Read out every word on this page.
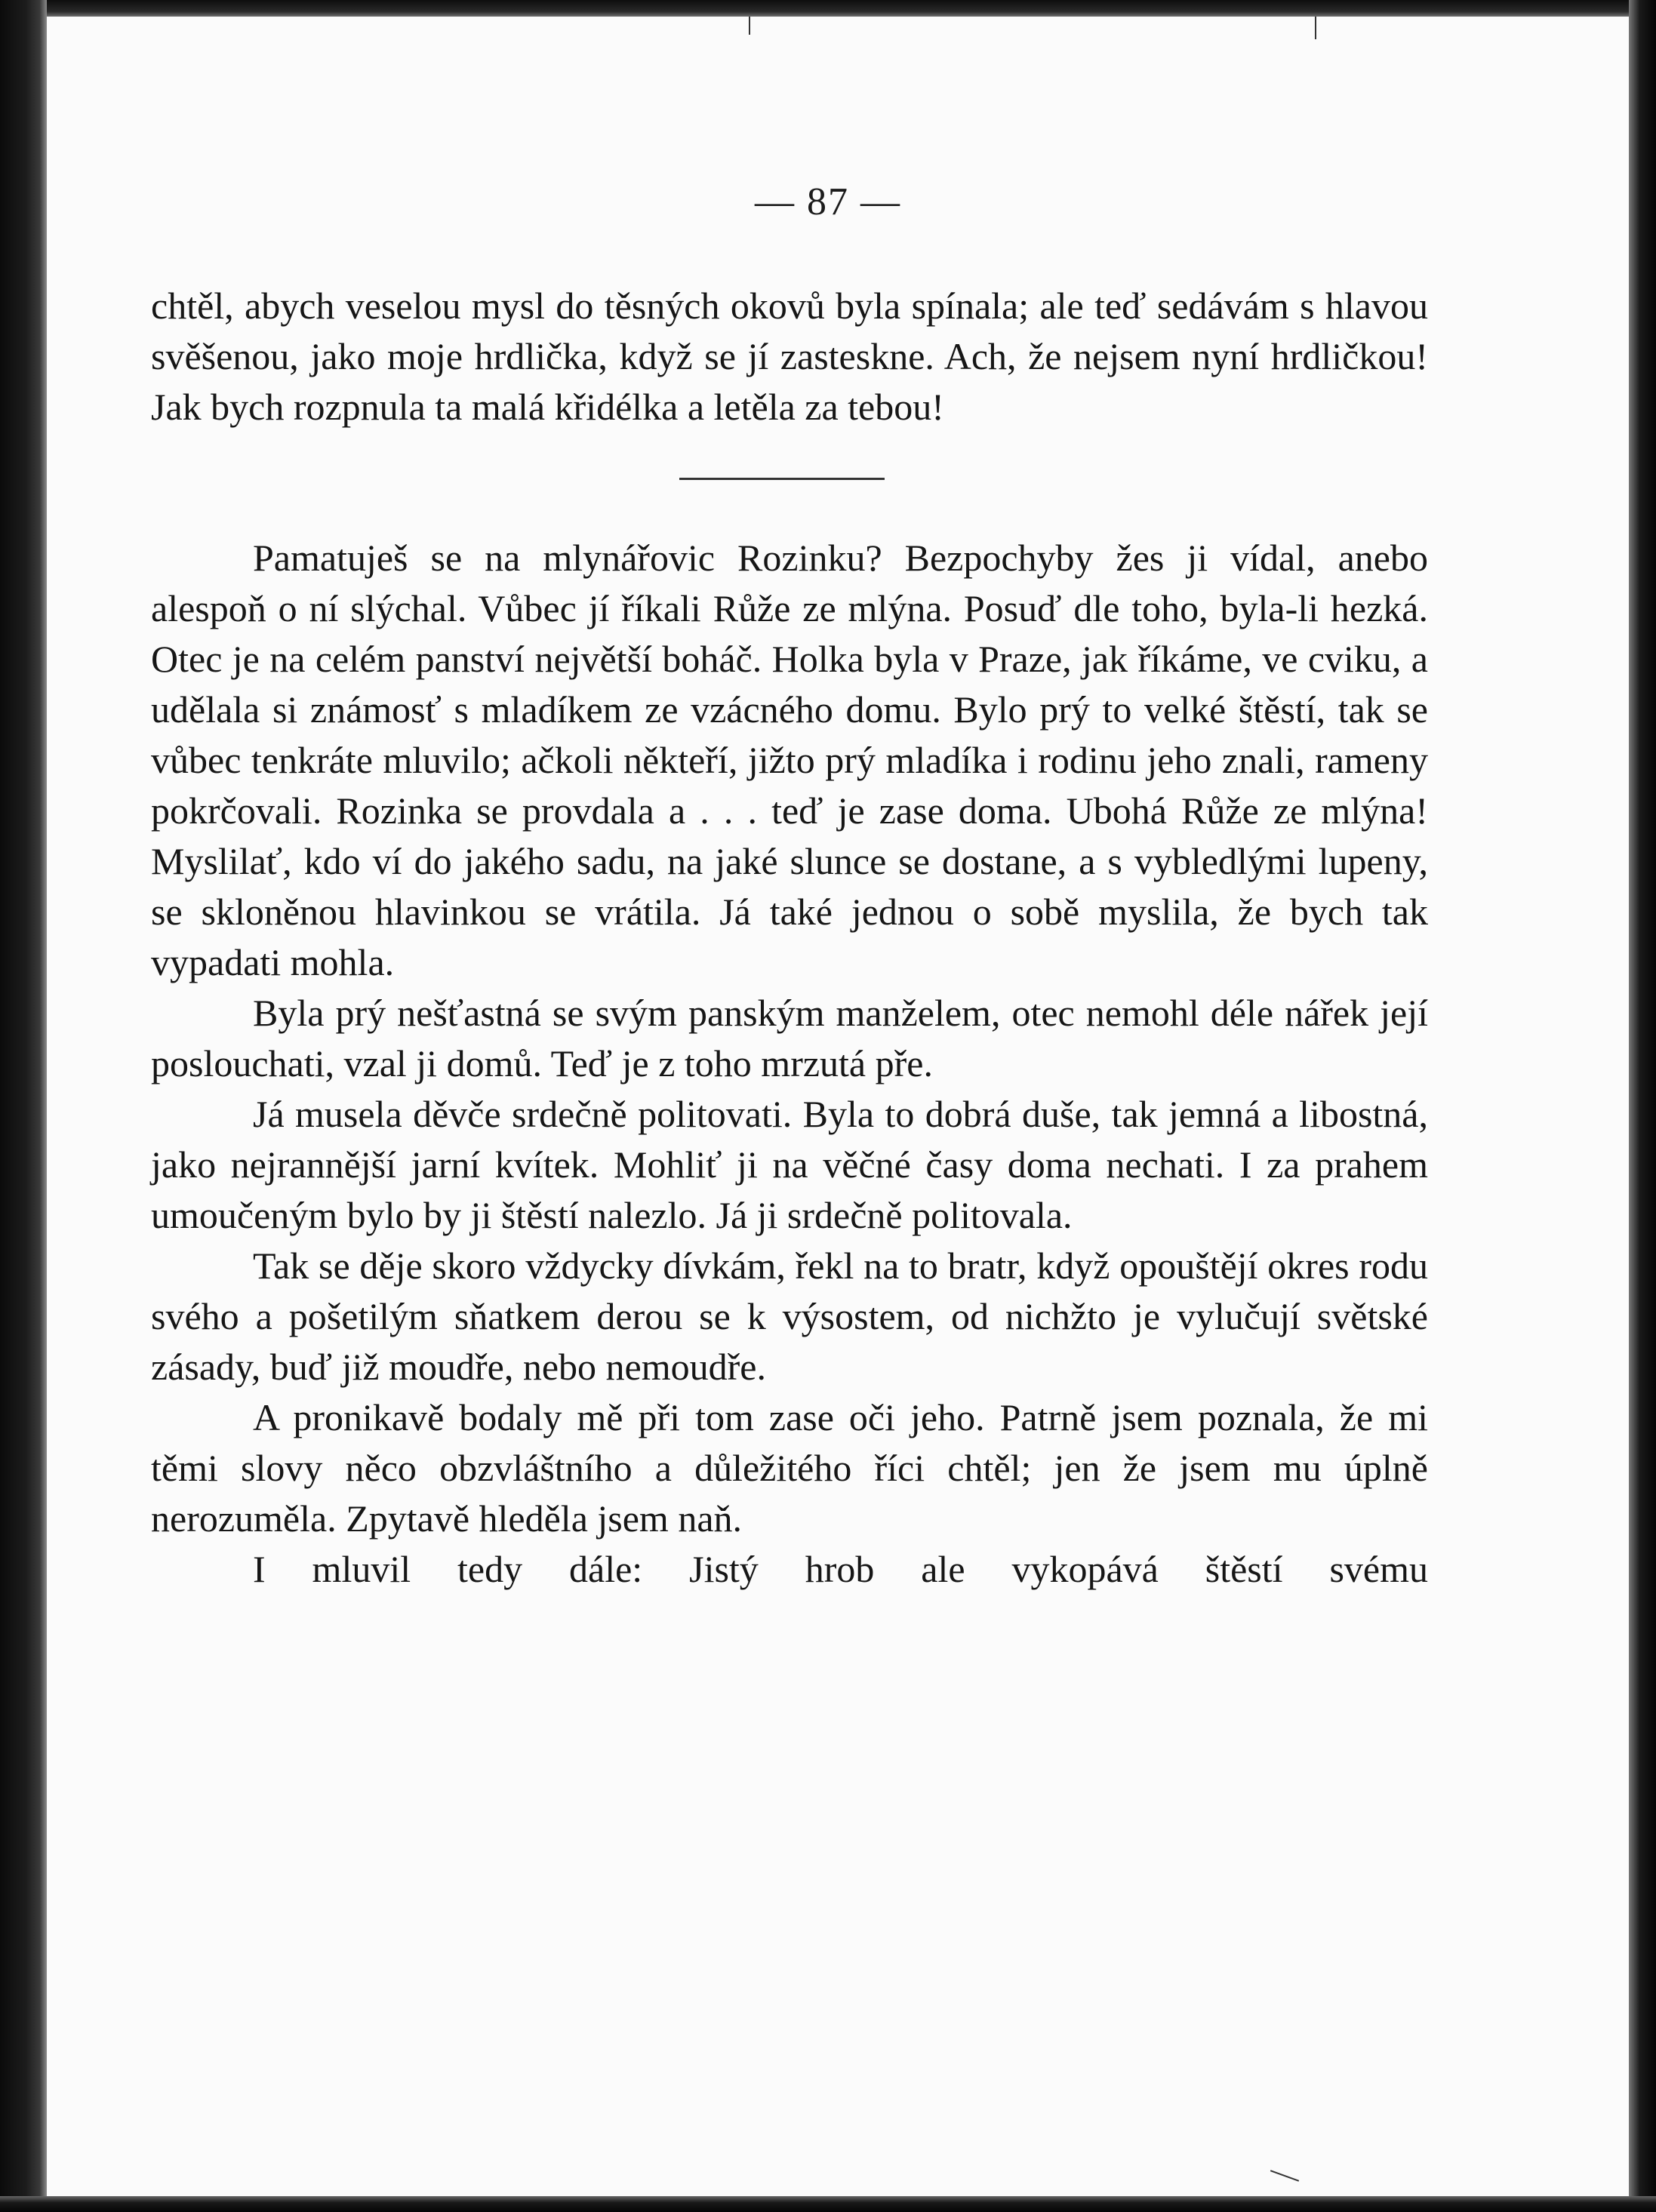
— 87 —

chtěl, abych veselou mysl do těsných okovů byla spínala; ale teď sedávám s hlavou svěšenou, jako moje hrdlička, když se jí zasteskne. Ach, že nejsem nyní hrdličkou! Jak bych rozpnula ta malá křidélka a letěla za tebou!

Pamatuješ se na mlynářovic Rozinku? Bezpochyby žes ji vídal, anebo alespoň o ní slýchal. Vůbec jí říkali Růže ze mlýna. Posuď dle toho, byla-li hezká. Otec je na celém panství největší boháč. Holka byla v Praze, jak říkáme, ve cviku, a udělala si známosť s mladíkem ze vzácného domu. Bylo prý to velké štěstí, tak se vůbec tenkráte mluvilo; ačkoli někteří, jižto prý mladíka i rodinu jeho znali, rameny pokrčovali. Rozinka se provdala a . . . teď je zase doma. Ubohá Růže ze mlýna! Myslilať, kdo ví do jakého sadu, na jaké slunce se dostane, a s vybledlými lupeny, se skloněnou hlavinkou se vrátila. Já také jednou o sobě myslila, že bych tak vypadati mohla.

Byla prý nešťastná se svým panským manželem, otec nemohl déle nářek její poslouchati, vzal ji domů. Teď je z toho mrzutá pře.

Já musela děvče srdečně politovati. Byla to dobrá duše, tak jemná a libostná, jako nejrannější jarní kvítek. Mohliť ji na věčné časy doma nechati. I za prahem umoučeným bylo by ji štěstí nalezlo. Já ji srdečně politovala.

Tak se děje skoro vždycky dívkám, řekl na to bratr, když opouštějí okres rodu svého a pošetilým sňatkem derou se k výsostem, od nichžto je vylučují světské zásady, buď již moudře, nebo nemoudře.

A pronikavě bodaly mě při tom zase oči jeho. Patrně jsem poznala, že mi těmi slovy něco obzvláštního a důležitého říci chtěl; jen že jsem mu úplně nerozuměla. Zpytavě hleděla jsem naň.

I mluvil tedy dále: Jistý hrob ale vykopává štěstí svému
